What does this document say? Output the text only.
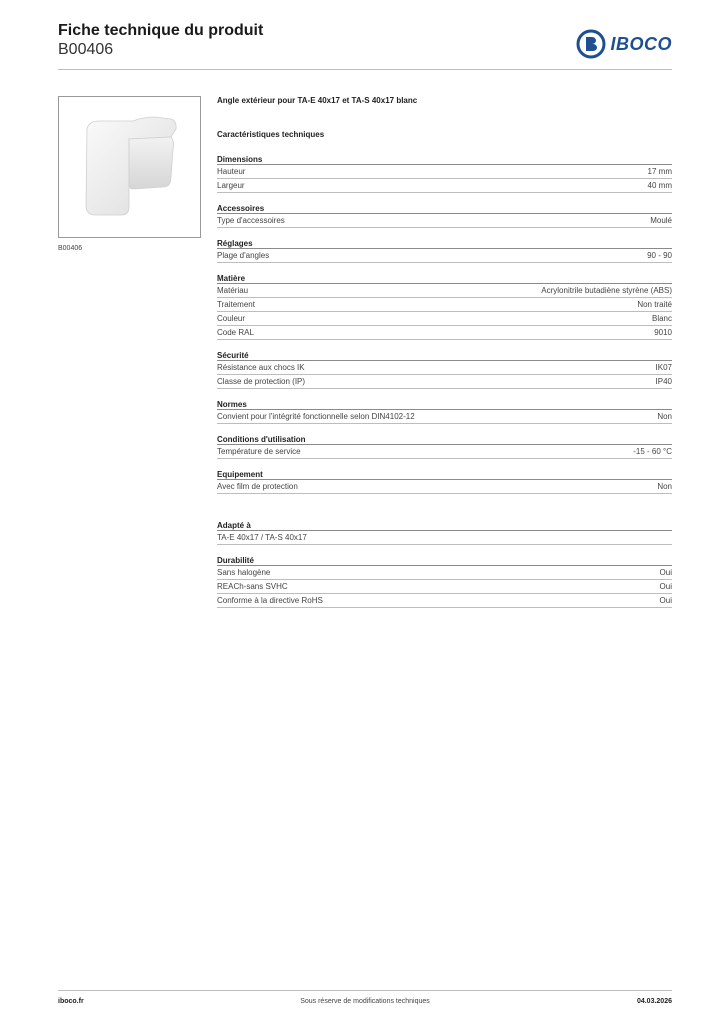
Fiche technique du produit
B00406	IBOCO
B00406
Angle extérieur pour TA-E 40x17 et TA-S 40x17 blanc
Caractéristiques techniques
Dimensions
Hauteur	17 mm
Largeur	40 mm
Accessoires
Type d'accessoires	Moulé
Réglages
Plage d'angles	90 - 90
Matière
Matériau	Acrylonitrile butadiène styrène (ABS)
Traitement	Non traité
Couleur	Blanc
Code RAL	9010
Sécurité
Résistance aux chocs IK	IK07
Classe de protection (IP)	IP40
Normes
Convient pour l'intégrité fonctionnelle selon DIN4102-12	Non
Conditions d'utilisation
Température de service	-15 - 60 °C
Equipement
Avec film de protection	Non
Adapté à
TA-E 40x17 / TA-S 40x17
Durabilité
Sans halogène	Oui
REACh-sans SVHC	Oui
Conforme à la directive RoHS	Oui
iboco.fr	Sous réserve de modifications techniques	04.03.2026
